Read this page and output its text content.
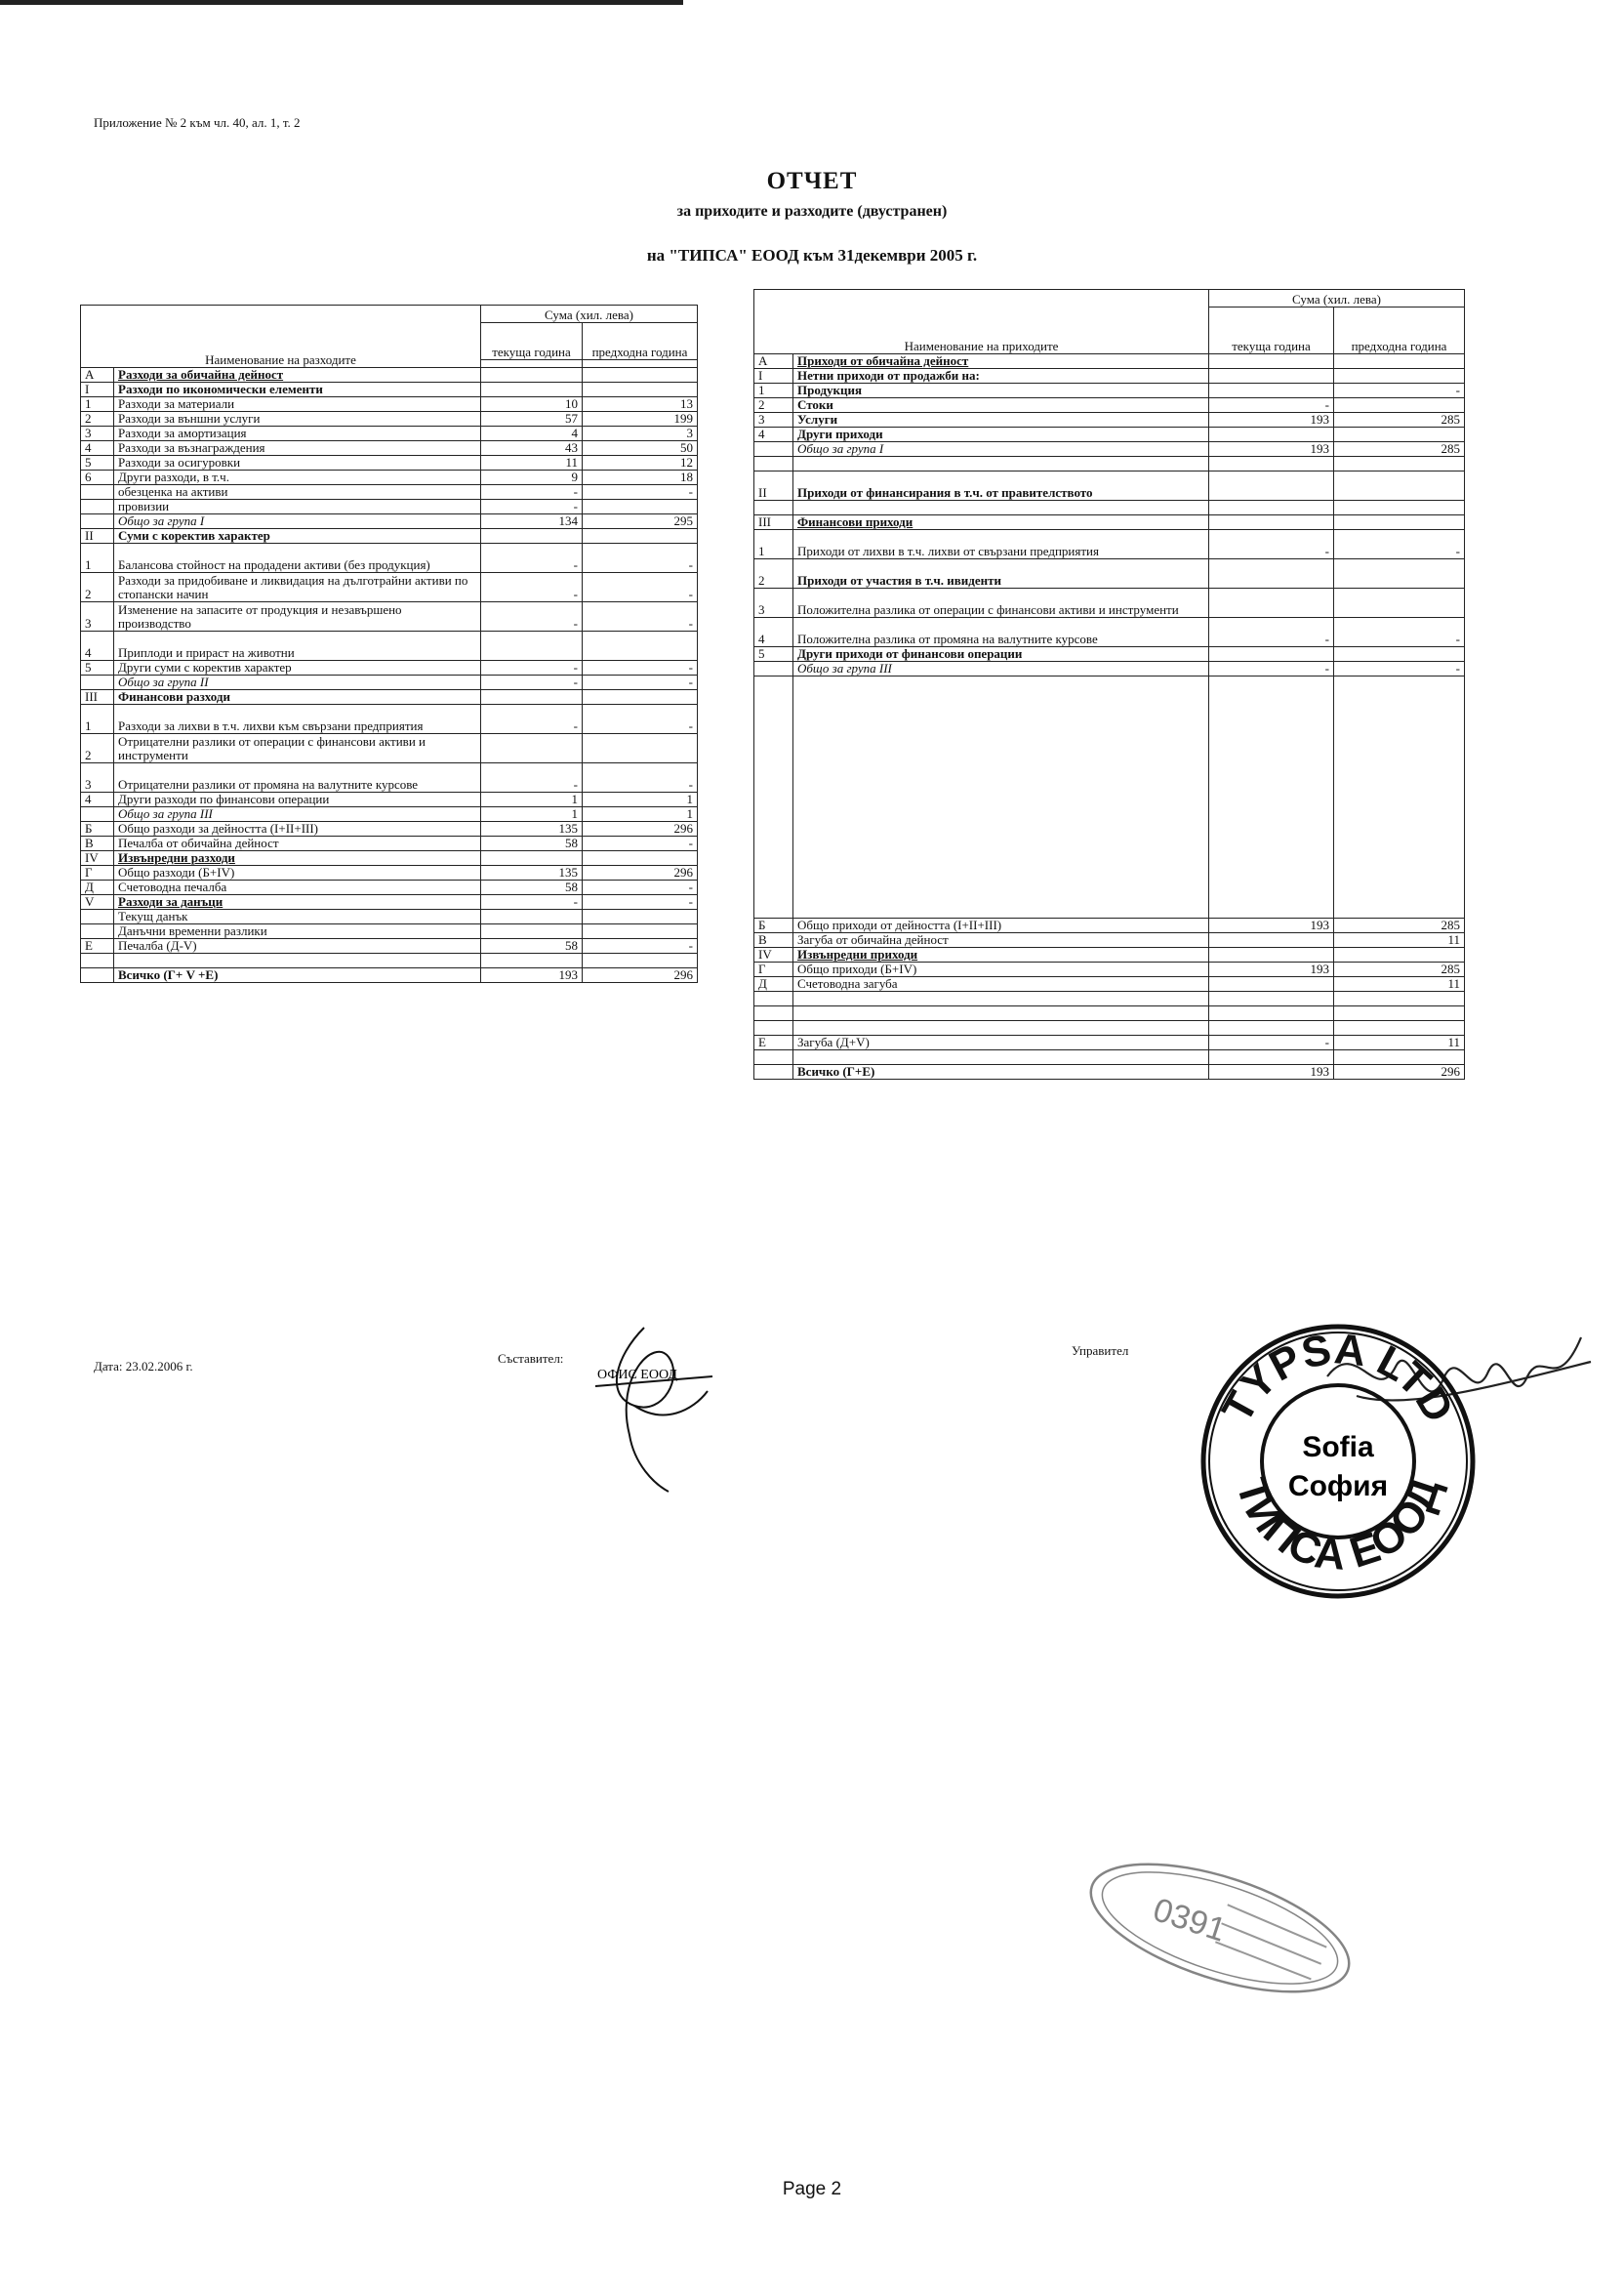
Приложение № 2 към чл. 40, ал. 1, т. 2
ОТЧЕТ
за приходите и разходите (двустранен)
на "ТИПСА" ЕООД към 31декември 2005 г.
Наименование на разходите		Сума (хил. лева)	
		текуща година	предходна година

А	Разходи за обичайна дейност		
I	Разходи по икономически елементи		
1	Разходи за материали	10	13
2	Разходи за външни услуги	57	199
3	Разходи за амортизация	4	3
4	Разходи за възнаграждения	43	50
5	Разходи за осигуровки	11	12
6	Други разходи, в т.ч.	9	18
	обезценка на активи	-	-
	провизии	-	
	Общо за група I	134	295
II	Суми с коректив характер		
1	Балансова стойност на продадени активи (без продукция)	-	-
2	Разходи за придобиване и ликвидация на дълготрайни активи по стопански начин	-	-
3	Изменение на запасите от продукция и незавършено производство	-	-
4	Приплоди и прираст на животни		
5	Други суми с коректив характер	-	-
	Общо за група II	-	-
III	Финансови разходи		
1	Разходи за лихви в т.ч. лихви към свързани предприятия	-	-
2	Отрицателни разлики от операции с финансови активи и инструменти		
3	Отрицателни разлики от промяна на валутните курсове	-	-
4	Други разходи по финансови операции	1	1
	Общо за група III	1	1
Б	Общо разходи за дейността (I+II+III)	135	296
В	Печалба от обичайна дейност	58	-
IV	Извънредни разходи		
Г	Общо разходи (Б+IV)	135	296
Д	Счетоводна печалба	58	-
V	Разходи за данъци	-	-
	Текущ данък		
	Данъчни временни разлики		
Е	Печалба (Д-V)	58	-

	Всичко (Г+ V +Е)	193	296
Наименование на приходите		Сума (хил. лева)	
		текуща година	предходна година
А	Приходи от обичайна дейност		
I	Нетни приходи от продажби на:		
1	Продукция		-
2	Стоки	-	
3	Услуги	193	285
4	Други приходи		
	Общо за група I	193	285

II	Приходи от финансирания в т.ч. от правителството		

III	Финансови приходи		
1	Приходи от лихви в т.ч. лихви от свързани предприятия	-	-
2	Приходи от участия в т.ч. ивиденти		
3	Положителна разлика от операции с финансови активи и инструменти		
4	Положителна разлика от промяна на валутните курсове	-	-
5	Други приходи от финансови операции		
	Общо за група III	-	-

Б	Общо приходи от дейността (I+II+III)	193	285
В	Загуба от обичайна дейност		11
IV	Извънредни приходи		
Г	Общо приходи (Б+IV)	193	285
Д	Счетоводна загуба		11

Е	Загуба (Д+V)	-	11

	Всичко (Г+Е)	193	296
Дата: 23.02.2006 г.
Съставител:
Управител
ОФИС ЕООД
TYPSA LTD
ТИПСА ЕООД
Sofia
София
0391
Page 2
